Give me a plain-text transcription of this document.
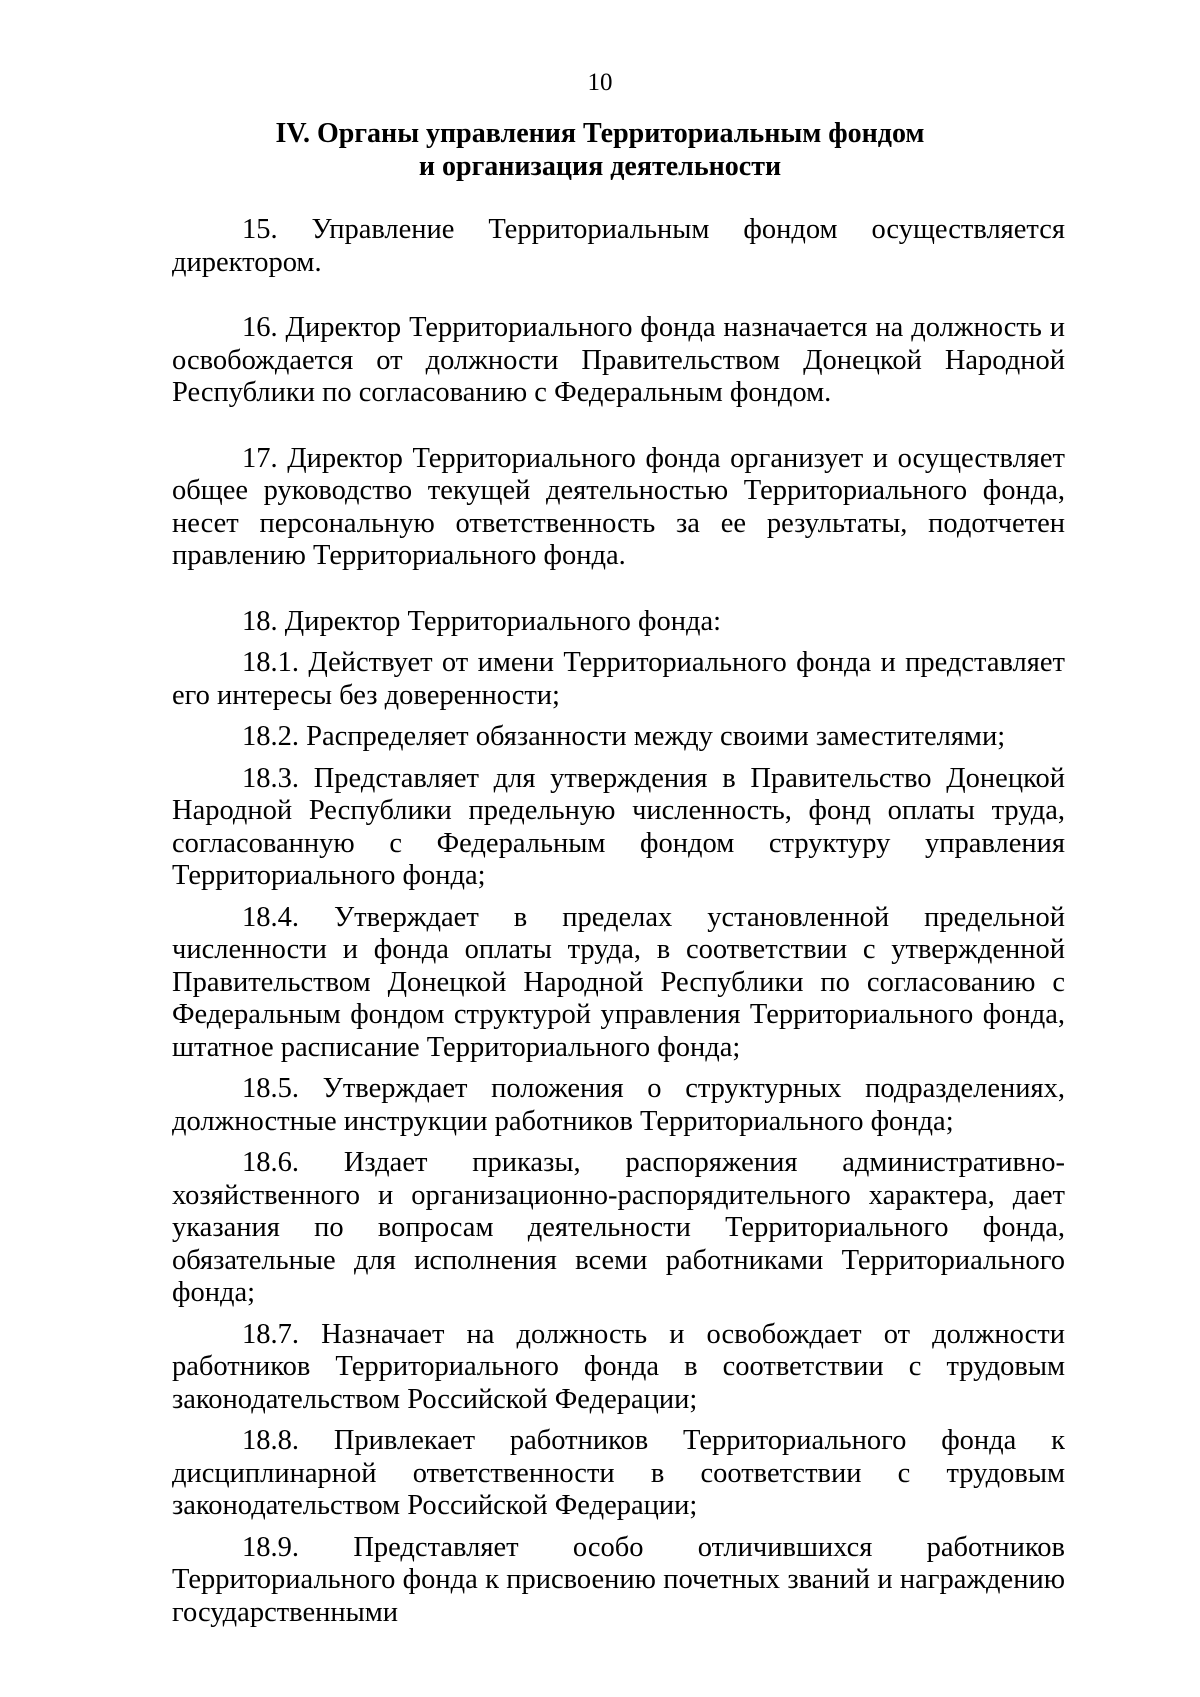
10
IV. Органы управления Территориальным фондом
и организация деятельности

15. Управление Территориальным фондом осуществляется директором.

16. Директор Территориального фонда назначается на должность и освобождается от должности Правительством Донецкой Народной Республики по согласованию с Федеральным фондом.

17. Директор Территориального фонда организует и осуществляет общее руководство текущей деятельностью Территориального фонда, несет персональную ответственность за ее результаты, подотчетен правлению Территориального фонда.

18. Директор Территориального фонда:

18.1. Действует от имени Территориального фонда и представляет его интересы без доверенности;

18.2. Распределяет обязанности между своими заместителями;

18.3. Представляет для утверждения в Правительство Донецкой Народной Республики предельную численность, фонд оплаты труда, согласованную с Федеральным фондом структуру управления Территориального фонда;

18.4. Утверждает в пределах установленной предельной численности и фонда оплаты труда, в соответствии с утвержденной Правительством Донецкой Народной Республики по согласованию с Федеральным фондом структурой управления Территориального фонда, штатное расписание Территориального фонда;

18.5. Утверждает положения о структурных подразделениях, должностные инструкции работников Территориального фонда;

18.6. Издает приказы, распоряжения административно-хозяйственного и организационно-распорядительного характера, дает указания по вопросам деятельности Территориального фонда, обязательные для исполнения всеми работниками Территориального фонда;

18.7. Назначает на должность и освобождает от должности работников Территориального фонда в соответствии с трудовым законодательством Российской Федерации;

18.8. Привлекает работников Территориального фонда к дисциплинарной ответственности в соответствии с трудовым законодательством Российской Федерации;

18.9. Представляет особо отличившихся работников Территориального фонда к присвоению почетных званий и награждению государственными
